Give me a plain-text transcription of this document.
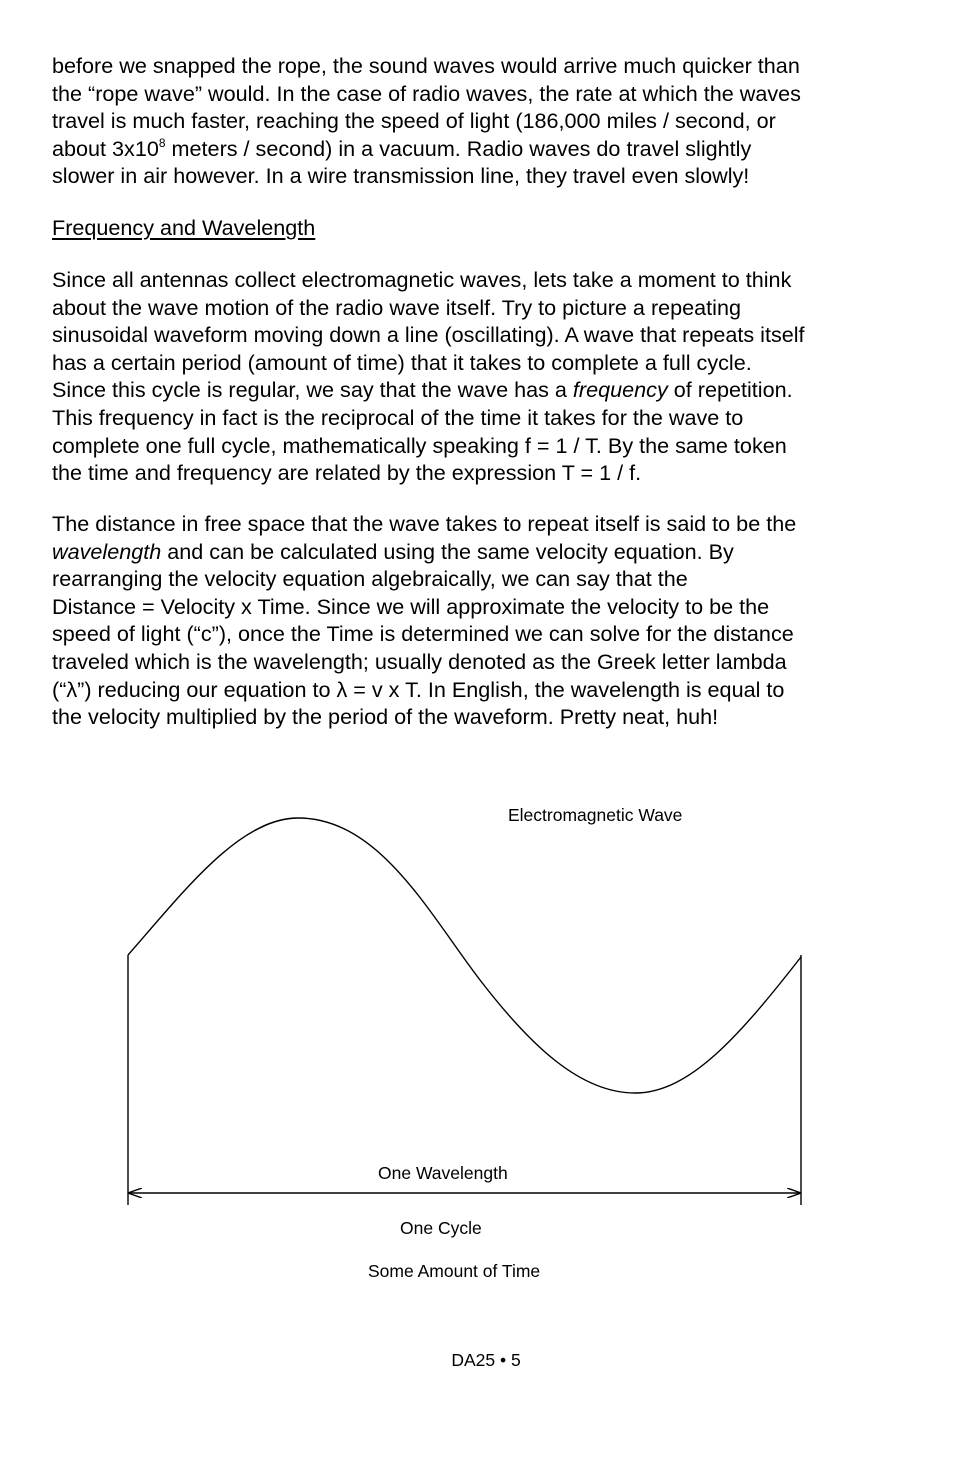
before we snapped the rope, the sound waves would arrive much quicker than
the “rope wave” would. In the case of radio waves, the rate at which the waves
travel is much faster, reaching the speed of light (186,000 miles / second, or
about $3x10^8$ meters / second) in a vacuum. Radio waves do travel slightly
slower in air however. In a wire transmission line, they travel even slowly!
Frequency and Wavelength
Since all antennas collect electromagnetic waves, lets take a moment to think
about the wave motion of the radio wave itself. Try to picture a repeating
sinusoidal waveform moving down a line (oscillating). A wave that repeats itself
has a certain period (amount of time) that it takes to complete a full cycle.
Since this cycle is regular, we say that the wave has a frequency of repetition.
This frequency in fact is the reciprocal of the time it takes for the wave to
complete one full cycle, mathematically speaking f = 1 / T. By the same token
the time and frequency are related by the expression T = 1 / f.
The distance in free space that the wave takes to repeat itself is said to be the
wavelength and can be calculated using the same velocity equation. By
rearranging the velocity equation algebraically, we can say that the
Distance = Velocity x Time. Since we will approximate the velocity to be the
speed of light (“c”), once the Time is determined we can solve for the distance
traveled which is the wavelength; usually denoted as the Greek letter lambda
(“λ”) reducing our equation to λ = v x T. In English, the wavelength is equal to
the velocity multiplied by the period of the waveform. Pretty neat, huh!
Electromagnetic Wave
One Wavelength
One Cycle
Some Amount of Time
DA25 • 5
